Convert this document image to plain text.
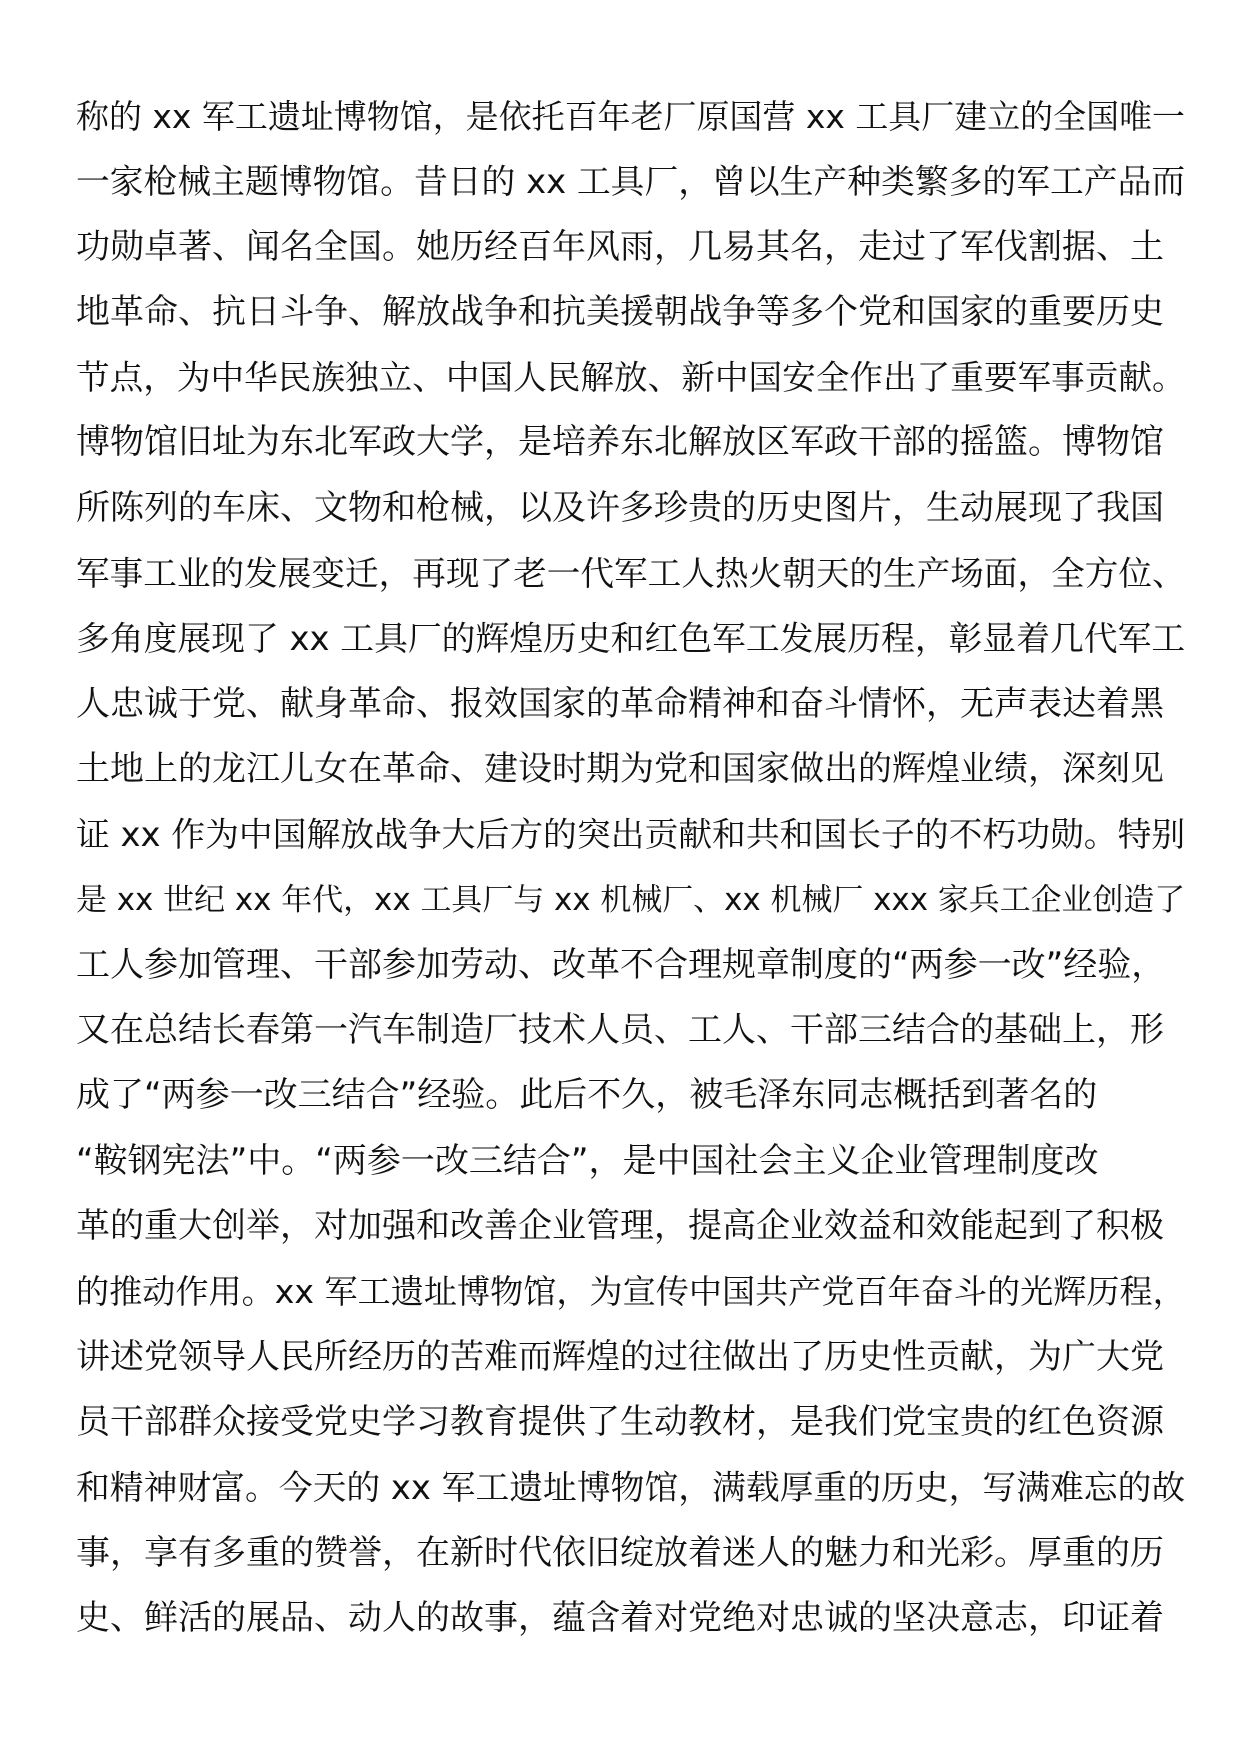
称的 xx 军工遗址博物馆，是依托百年老厂原国营 xx 工具厂建立的全国唯一
一家枪械主题博物馆。昔日的 xx 工具厂，曾以生产种类繁多的军工产品而
功勋卓著、闻名全国。她历经百年风雨，几易其名，走过了军伐割据、土
地革命、抗日斗争、解放战争和抗美援朝战争等多个党和国家的重要历史
节点，为中华民族独立、中国人民解放、新中国安全作出了重要军事贡献。
博物馆旧址为东北军政大学，是培养东北解放区军政干部的摇篮。博物馆
所陈列的车床、文物和枪械，以及许多珍贵的历史图片，生动展现了我国
军事工业的发展变迁，再现了老一代军工人热火朝天的生产场面，全方位、
多角度展现了 xx 工具厂的辉煌历史和红色军工发展历程，彰显着几代军工
人忠诚于党、献身革命、报效国家的革命精神和奋斗情怀，无声表达着黑
土地上的龙江儿女在革命、建设时期为党和国家做出的辉煌业绩，深刻见
证 xx 作为中国解放战争大后方的突出贡献和共和国长子的不朽功勋。特别
是 xx 世纪 xx 年代，xx 工具厂与 xx 机械厂、xx 机械厂 xxx 家兵工企业创造了
工人参加管理、干部参加劳动、改革不合理规章制度的“两参一改”经验，
又在总结长春第一汽车制造厂技术人员、工人、干部三结合的基础上，形
成了“两参一改三结合”经验。此后不久，被毛泽东同志概括到著名的
“鞍钢宪法”中。“两参一改三结合”，是中国社会主义企业管理制度改
革的重大创举，对加强和改善企业管理，提高企业效益和效能起到了积极
的推动作用。xx 军工遗址博物馆，为宣传中国共产党百年奋斗的光辉历程，
讲述党领导人民所经历的苦难而辉煌的过往做出了历史性贡献，为广大党
员干部群众接受党史学习教育提供了生动教材，是我们党宝贵的红色资源
和精神财富。今天的 xx 军工遗址博物馆，满载厚重的历史，写满难忘的故
事，享有多重的赞誉，在新时代依旧绽放着迷人的魅力和光彩。厚重的历
史、鲜活的展品、动人的故事，蕴含着对党绝对忠诚的坚决意志，印证着
